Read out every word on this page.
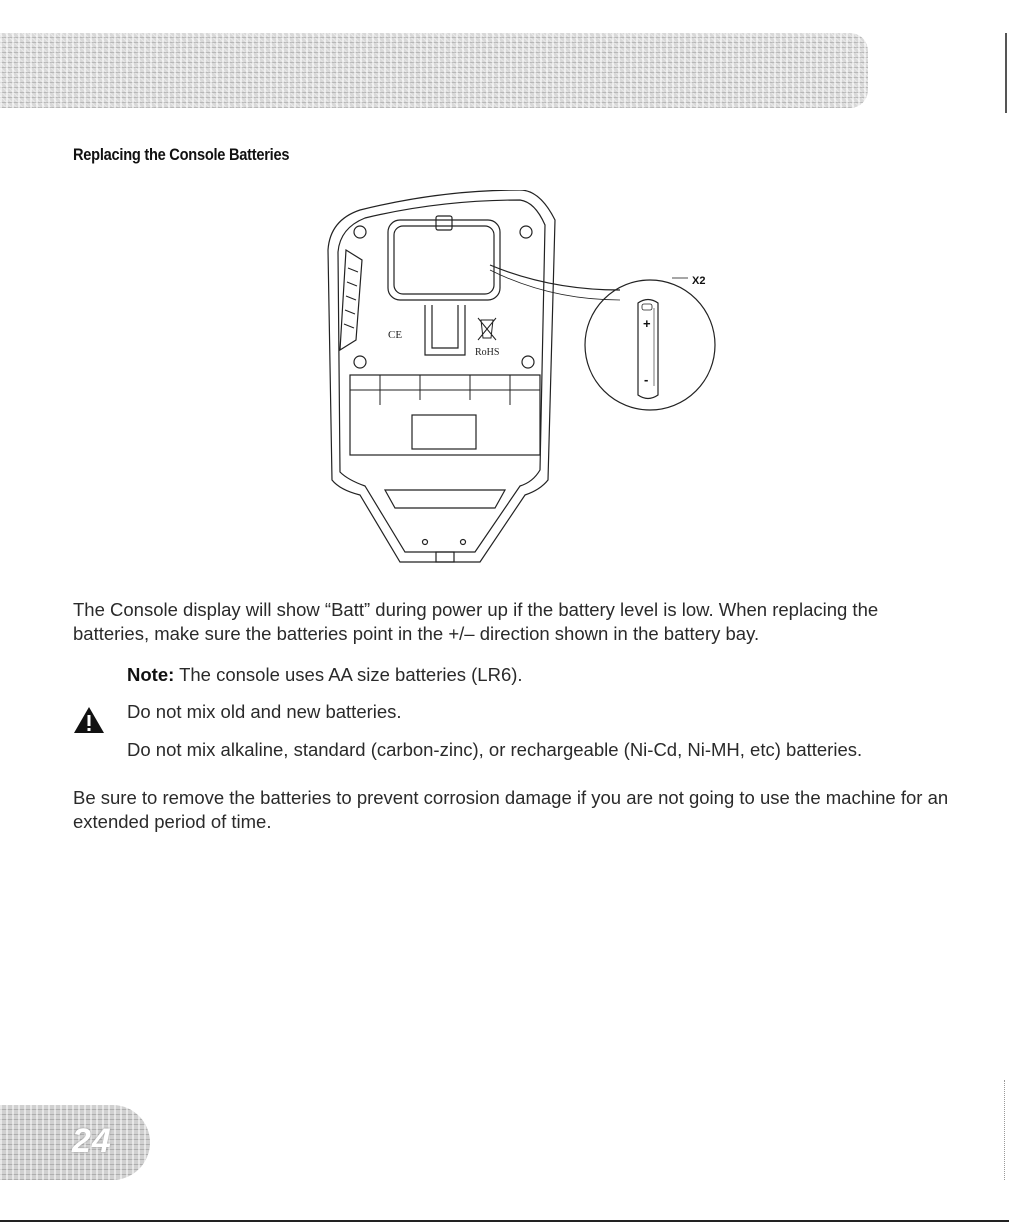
Replacing the Console Batteries
CE
RoHS
+
-
X2

The Console display will show “Batt” during power up if the battery level is low. When replacing the batteries, make sure the batteries point in the +/– direction shown in the battery bay.

Note: The console uses AA size batteries (LR6).

Do not mix old and new batteries.

Do not mix alkaline, standard (carbon-zinc), or rechargeable (Ni-Cd, Ni-MH, etc) batteries.

Be sure to remove the batteries to prevent corrosion damage if you are not going to use the machine for an extended period of time.

24
